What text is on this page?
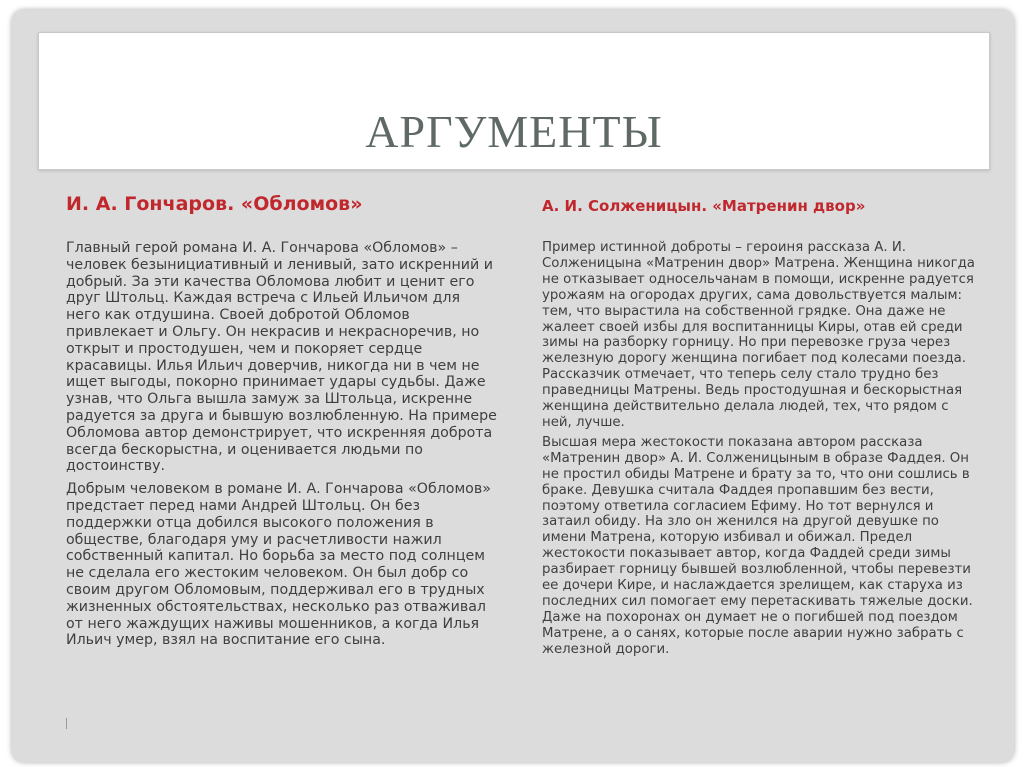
АРГУМЕНТЫ
И. А. Гончаров. «Обломов»

Главный герой романа И. А. Гончарова «Обломов» – человек безынициативный и ленивый, зато искренний и добрый. За эти качества Обломова любит и ценит его друг Штольц. Каждая встреча с Ильей Ильичом для него как отдушина. Своей добротой Обломов привлекает и Ольгу. Он некрасив и некрасноречив, но открыт и простодушен, чем и покоряет сердце красавицы. Илья Ильич доверчив, никогда ни в чем не ищет выгоды, покорно принимает удары судьбы. Даже узнав, что Ольга вышла замуж за Штольца, искренне радуется за друга и бывшую возлюбленную. На примере Обломова автор демонстрирует, что искренняя доброта всегда бескорыстна, и оценивается людьми по достоинству.

Добрым человеком в романе И. А. Гончарова «Обломов» предстает перед нами Андрей Штольц. Он без поддержки отца добился высокого положения в обществе, благодаря уму и расчетливости нажил собственный капитал. Но борьба за место под солнцем не сделала его жестоким человеком. Он был добр со своим другом Обломовым, поддерживал его в трудных жизненных обстоятельствах, несколько раз отваживал от него жаждущих наживы мошенников, а когда Илья Ильич умер, взял на воспитание его сына.

А. И. Солженицын. «Матренин двор»

Пример истинной доброты – героиня рассказа А. И. Солженицына «Матренин двор» Матрена. Женщина никогда не отказывает односельчанам в помощи, искренне радуется урожаям на огородах других, сама довольствуется малым: тем, что вырастила на собственной грядке. Она даже не жалеет своей избы для воспитанницы Киры, отав ей среди зимы на разборку горницу. Но при перевозке груза через железную дорогу женщина погибает под колесами поезда. Рассказчик отмечает, что теперь селу стало трудно без праведницы Матрены. Ведь простодушная и бескорыстная женщина действительно делала людей, тех, что рядом с ней, лучше.

Высшая мера жестокости показана автором рассказа «Матренин двор» А. И. Солженицыным в образе Фаддея. Он не простил обиды Матрене и брату за то, что они сошлись в браке. Девушка считала Фаддея пропавшим без вести, поэтому ответила согласием Ефиму. Но тот вернулся и затаил обиду. На зло он женился на другой девушке по имени Матрена, которую избивал и обижал. Предел жестокости показывает автор, когда Фаддей среди зимы разбирает горницу бывшей возлюбленной, чтобы перевезти ее дочери Кире, и наслаждается зрелищем, как старуха из последних сил помогает ему перетаскивать тяжелые доски. Даже на похоронах он думает не о погибшей под поездом Матрене, а о санях, которые после аварии нужно забрать с железной дороги.
